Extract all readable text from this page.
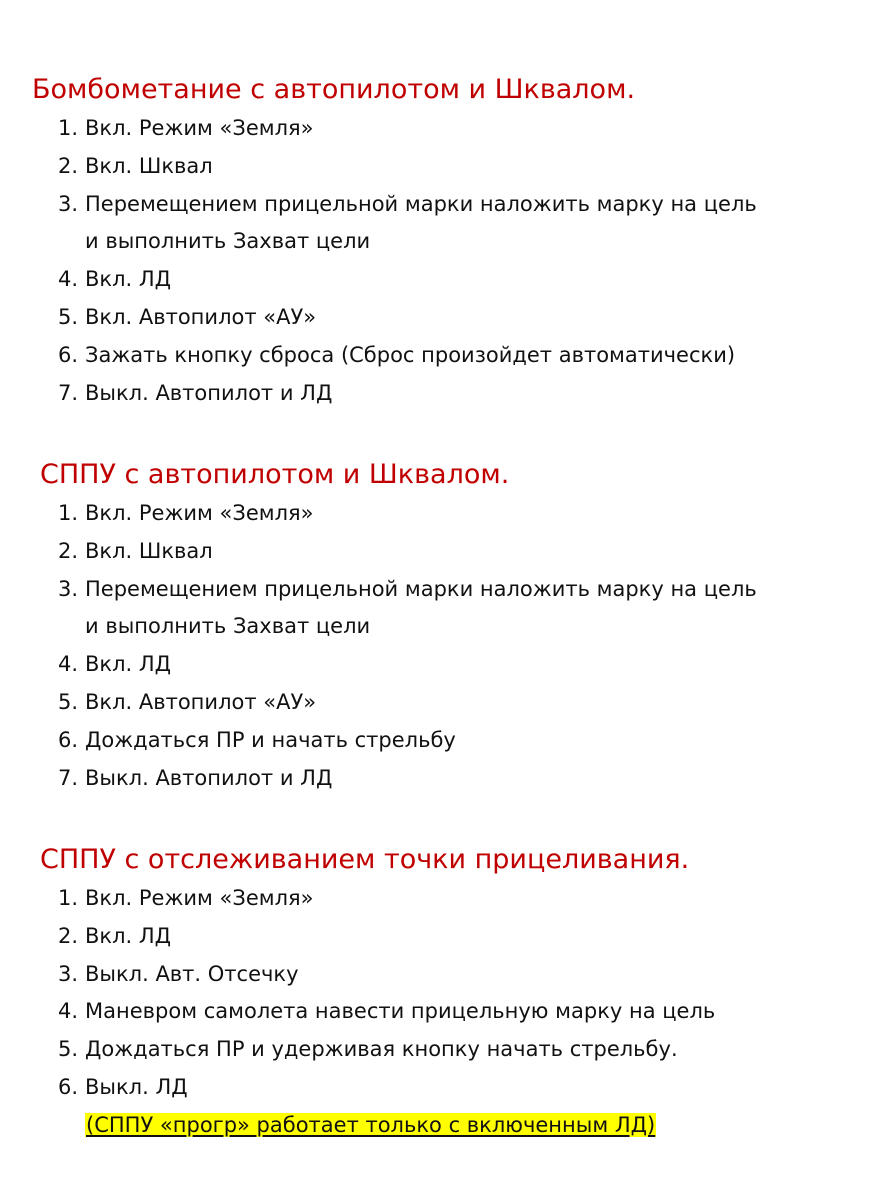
Бомбометание с автопилотом и Шквалом.
1. Вкл. Режим «Земля»
2. Вкл. Шквал
3. Перемещением прицельной марки наложить марку на цель
и выполнить Захват цели
4. Вкл. ЛД
5. Вкл. Автопилот «АУ»
6. Зажать кнопку сброса (Сброс произойдет автоматически)
7. Выкл. Автопилот и ЛД
СППУ с автопилотом и Шквалом.
1. Вкл. Режим «Земля»
2. Вкл. Шквал
3. Перемещением прицельной марки наложить марку на цель
и выполнить Захват цели
4. Вкл. ЛД
5. Вкл. Автопилот «АУ»
6. Дождаться ПР и начать стрельбу
7. Выкл. Автопилот и ЛД
СППУ с отслеживанием точки прицеливания.
1. Вкл. Режим «Земля»
2. Вкл. ЛД
3. Выкл. Авт. Отсечку
4. Маневром самолета навести прицельную марку на цель
5. Дождаться ПР и удерживая кнопку начать стрельбу.
6. Выкл. ЛД
(СППУ «прогр» работает только с включенным ЛД)
